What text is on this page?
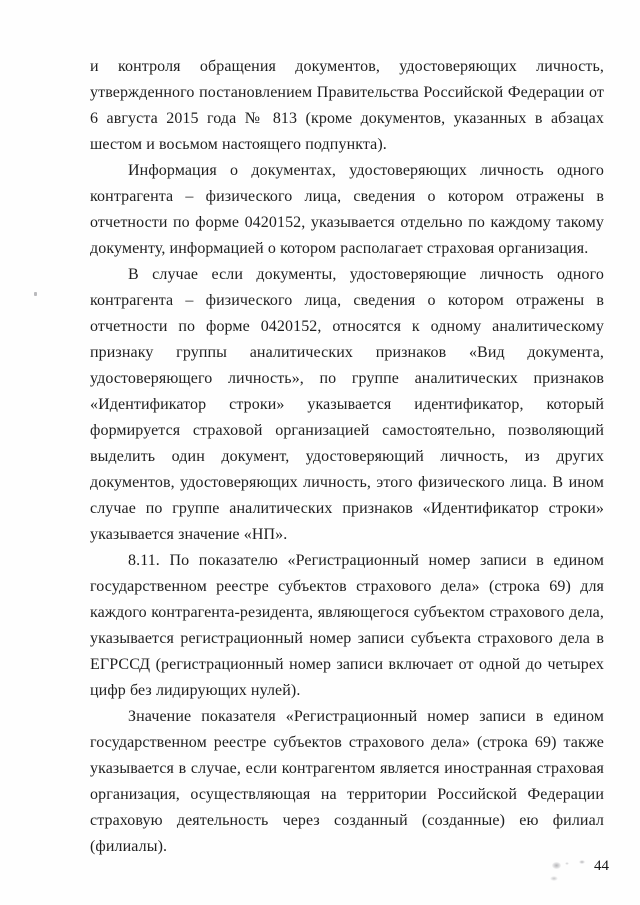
и контроля обращения документов, удостоверяющих личность, утвержденного постановлением Правительства Российской Федерации от 6 августа 2015 года № 813 (кроме документов, указанных в абзацах шестом и восьмом настоящего подпункта).

Информация о документах, удостоверяющих личность одного контрагента – физического лица, сведения о котором отражены в отчетности по форме 0420152, указывается отдельно по каждому такому документу, информацией о котором располагает страховая организация.

В случае если документы, удостоверяющие личность одного контрагента – физического лица, сведения о котором отражены в отчетности по форме 0420152, относятся к одному аналитическому признаку группы аналитических признаков «Вид документа, удостоверяющего личность», по группе аналитических признаков «Идентификатор строки» указывается идентификатор, который формируется страховой организацией самостоятельно, позволяющий выделить один документ, удостоверяющий личность, из других документов, удостоверяющих личность, этого физического лица. В ином случае по группе аналитических признаков «Идентификатор строки» указывается значение «НП».

8.11. По показателю «Регистрационный номер записи в едином государственном реестре субъектов страхового дела» (строка 69) для каждого контрагента-резидента, являющегося субъектом страхового дела, указывается регистрационный номер записи субъекта страхового дела в ЕГРССД (регистрационный номер записи включает от одной до четырех цифр без лидирующих нулей).

Значение показателя «Регистрационный номер записи в едином государственном реестре субъектов страхового дела» (строка 69) также указывается в случае, если контрагентом является иностранная страховая организация, осуществляющая на территории Российской Федерации страховую деятельность через созданный (созданные) ею филиал (филиалы).

44
